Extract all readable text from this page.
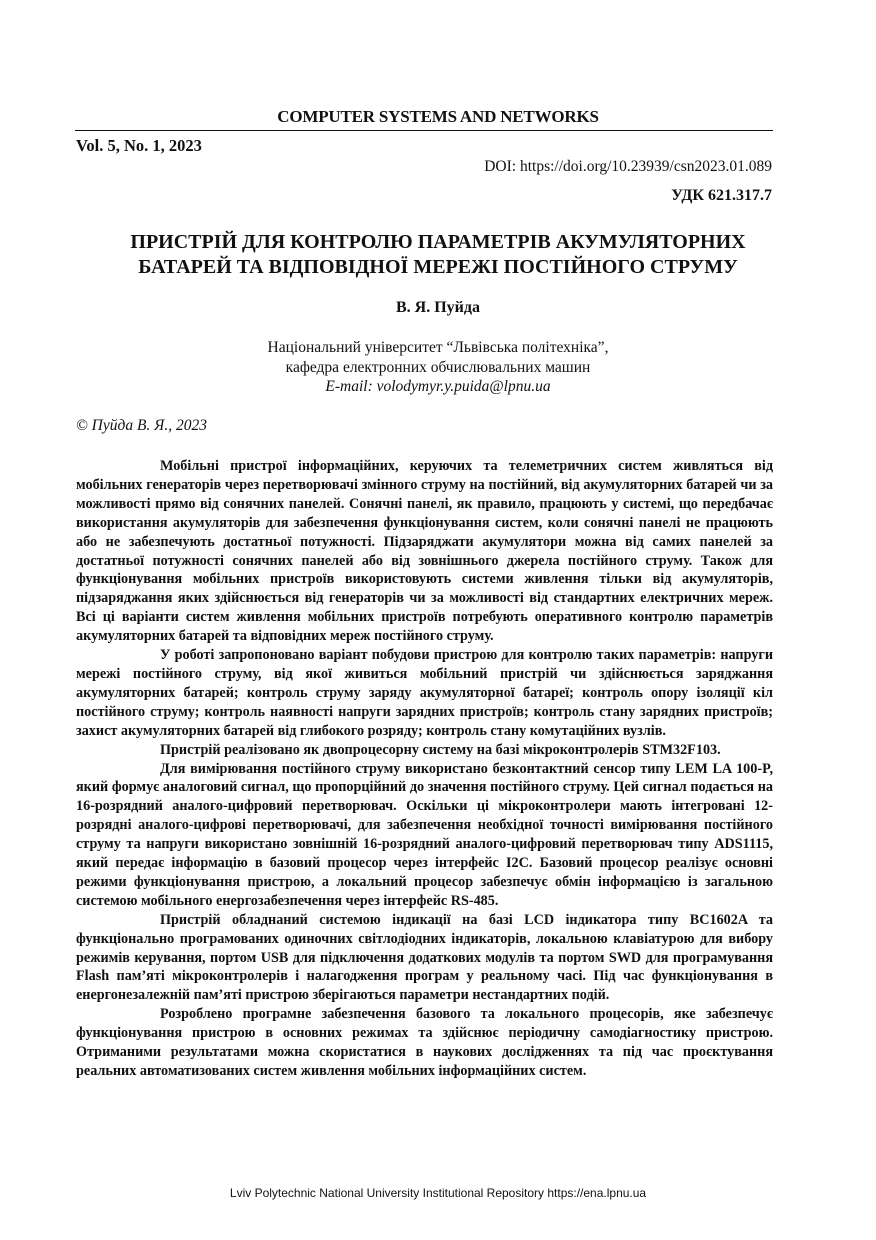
COMPUTER SYSTEMS AND NETWORKS
Vol. 5, No. 1, 2023
DOI: https://doi.org/10.23939/csn2023.01.089
УДК 621.317.7
ПРИСТРІЙ ДЛЯ КОНТРОЛЮ ПАРАМЕТРІВ АКУМУЛЯТОРНИХ
БАТАРЕЙ ТА ВІДПОВІДНОЇ МЕРЕЖІ ПОСТІЙНОГО СТРУМУ
В. Я. Пуйда
Національний університет “Львівська політехніка”,
кафедра електронних обчислювальних машин
E-mail: volodymyr.y.puida@lpnu.ua
© Пуйда В. Я., 2023

Мобільні пристрої інформаційних, керуючих та телеметричних систем живляться від мобільних генераторів через перетворювачі змінного струму на постійний, від акумуляторних батарей чи за можливості прямо від сонячних панелей. Сонячні панелі, як правило, працюють у системі, що передбачає використання акумуляторів для забезпечення функціонування систем, коли сонячні панелі не працюють або не забезпечують достатньої потужності. Підзаряджати акумулятори можна від самих панелей за достатньої потужності сонячних панелей або від зовнішнього джерела постійного струму. Також для функціонування мобільних пристроїв використовують системи живлення тільки від акумуляторів, підзаряджання яких здійснюється від генераторів чи за можливості від стандартних електричних мереж. Всі ці варіанти систем живлення мобільних пристроїв потребують оперативного контролю параметрів акумуляторних батарей та відповідних мереж постійного струму.

У роботі запропоновано варіант побудови пристрою для контролю таких параметрів: напруги мережі постійного струму, від якої живиться мобільний пристрій чи здійснюється заряджання акумуляторних батарей; контроль струму заряду акумуляторної батареї; контроль опору ізоляції кіл постійного струму; контроль наявності напруги зарядних пристроїв; контроль стану зарядних пристроїв; захист акумуляторних батарей від глибокого розряду; контроль стану комутаційних вузлів.

Пристрій реалізовано як двопроцесорну систему на базі мікроконтролерів STM32F103.

Для вимірювання постійного струму використано безконтактний сенсор типу LEM LA 100-P, який формує аналоговий сигнал, що пропорційний до значення постійного струму. Цей сигнал подається на 16-розрядний аналого-цифровий перетворювач. Оскільки ці мікроконтролери мають інтегровані 12-розрядні аналого-цифрові перетворювачі, для забезпечення необхідної точності вимірювання постійного струму та напруги використано зовнішній 16-розрядний аналого-цифровий перетворювач типу ADS1115, який передає інформацію в базовий процесор через інтерфейс I2C. Базовий процесор реалізує основні режими функціонування пристрою, а локальний процесор забезпечує обмін інформацією із загальною системою мобільного енергозабезпечення через інтерфейс RS-485.

Пристрій обладнаний системою індикації на базі LCD індикатора типу BC1602A та функціонально програмованих одиночних світлодіодних індикаторів, локальною клавіатурою для вибору режимів керування, портом USB для підключення додаткових модулів та портом SWD для програмування Flash пам’яті мікроконтролерів і налагодження програм у реальному часі. Під час функціонування в енергонезалежній пам’яті пристрою зберігаються параметри нестандартних подій.

Розроблено програмне забезпечення базового та локального процесорів, яке забезпечує функціонування пристрою в основних режимах та здійснює періодичну самодіагностику пристрою. Отриманими результатами можна скористатися в наукових дослідженнях та під час проєктування реальних автоматизованих систем живлення мобільних інформаційних систем.

Lviv Polytechnic National University Institutional Repository https://ena.lpnu.ua
